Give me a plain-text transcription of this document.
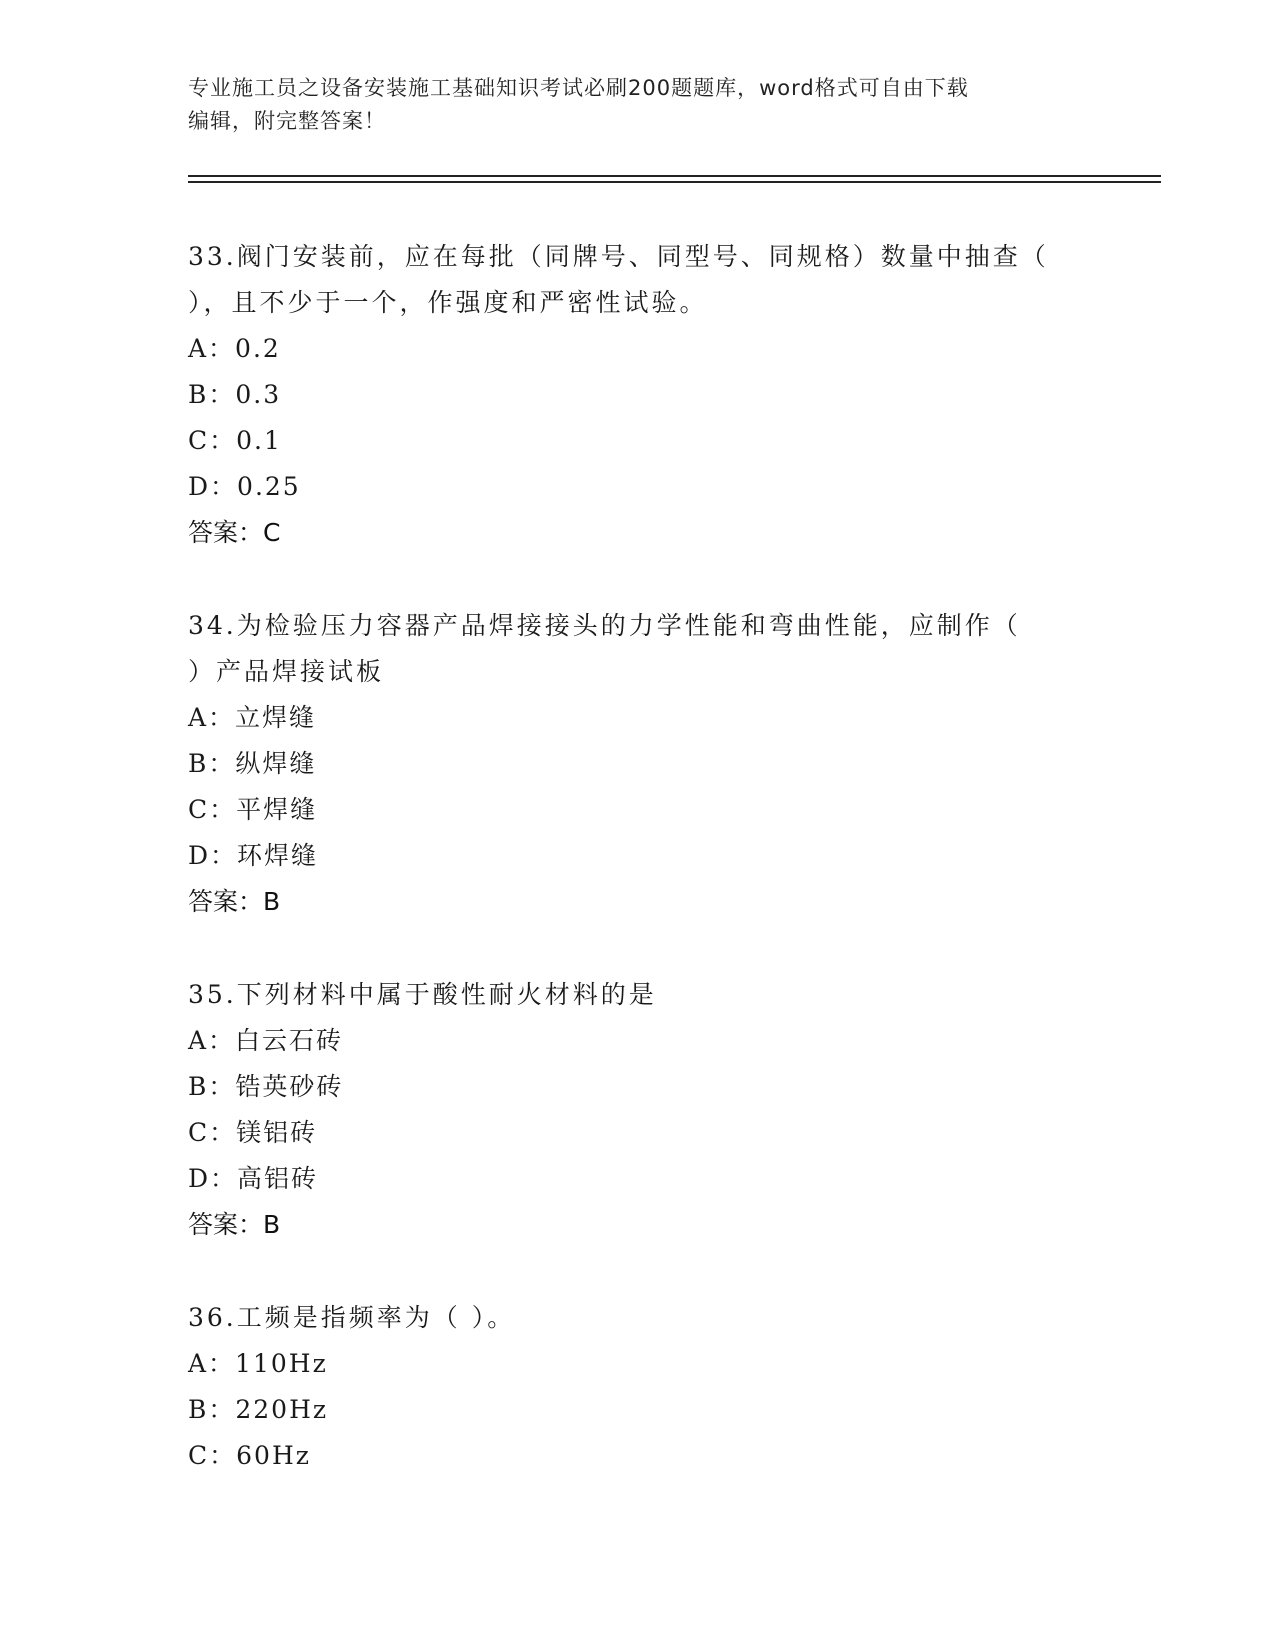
专业施工员之设备安装施工基础知识考试必刷200题题库，word格式可自由下载
编辑，附完整答案！

33.阀门安装前，应在每批（同牌号、同型号、同规格）数量中抽查（

），且不少于一个，作强度和严密性试验。

A：0.2

B：0.3

C：0.1

D：0.25

答案：C

34.为检验压力容器产品焊接接头的力学性能和弯曲性能，应制作（

）产品焊接试板

A：立焊缝

B：纵焊缝

C：平焊缝

D：环焊缝

答案：B

35.下列材料中属于酸性耐火材料的是

A：白云石砖

B：锆英砂砖

C：镁铝砖

D：高铝砖

答案：B

36.工频是指频率为（ ）。

A：110Hz

B：220Hz

C：60Hz
